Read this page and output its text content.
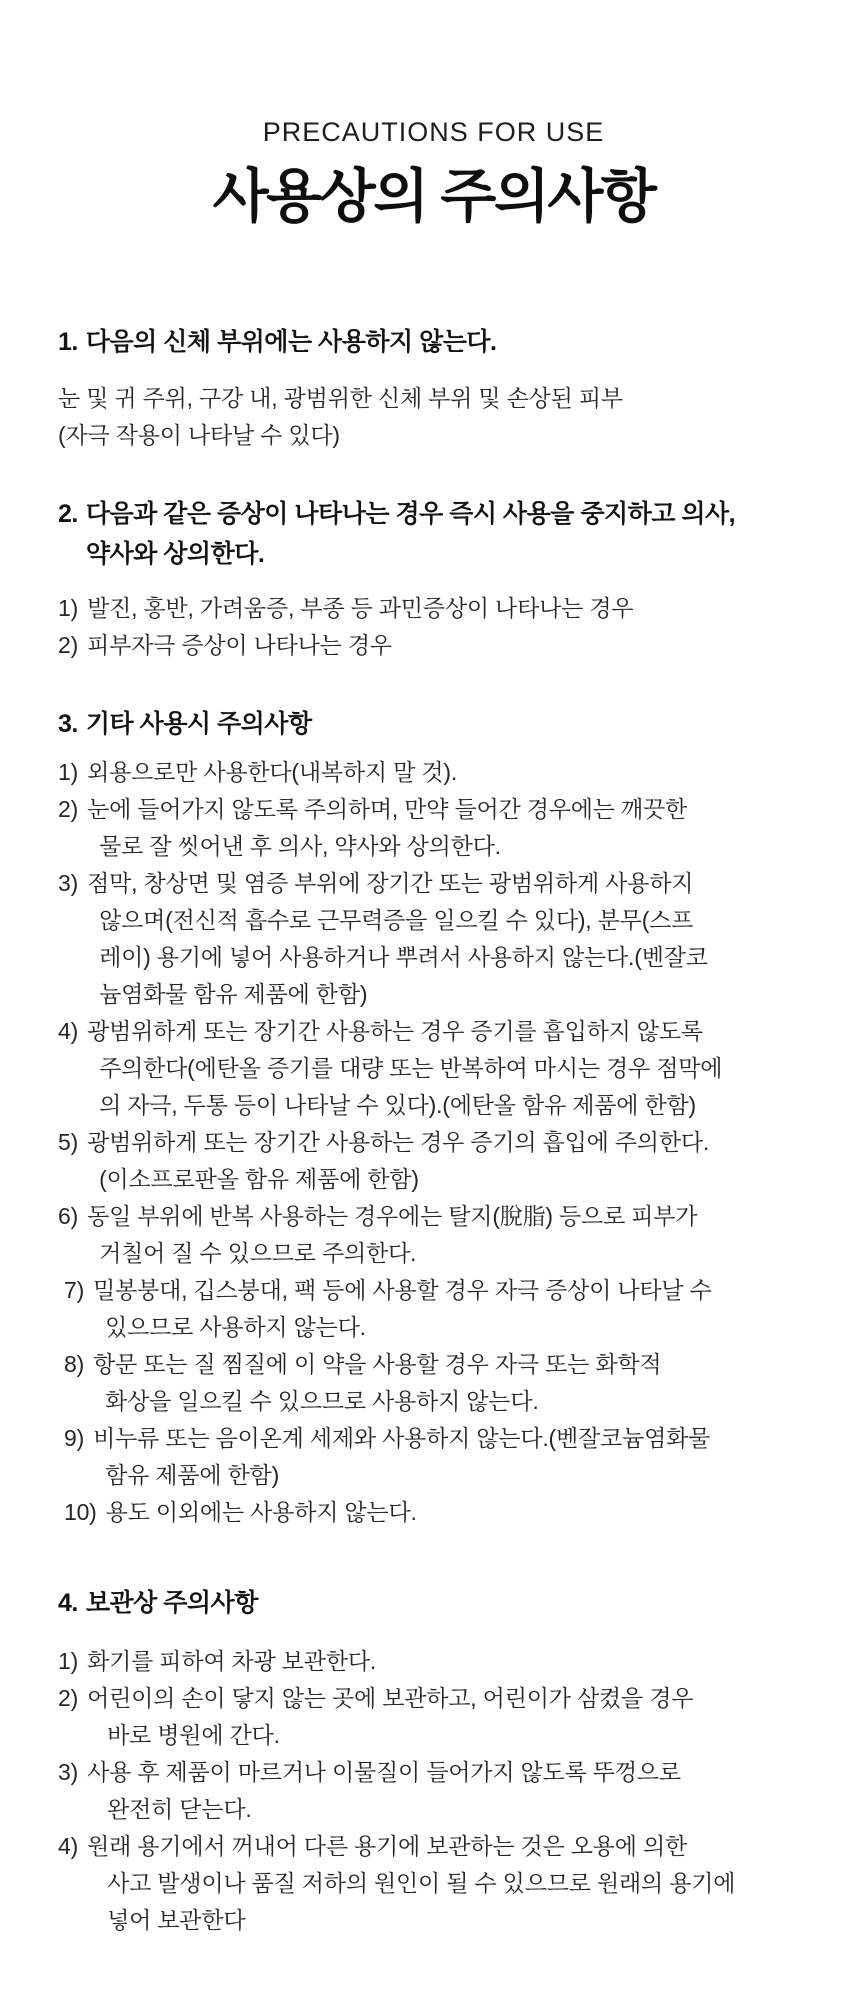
PRECAUTIONS FOR USE
사용상의 주의사항
1. 다음의 신체 부위에는 사용하지 않는다.
눈 및 귀 주위, 구강 내, 광범위한 신체 부위 및 손상된 피부
(자극 작용이 나타날 수 있다)
2. 다음과 같은 증상이 나타나는 경우 즉시 사용을 중지하고 의사,
약사와 상의한다.
1) 발진, 홍반, 가려움증, 부종 등 과민증상이 나타나는 경우
2) 피부자극 증상이 나타나는 경우
3. 기타 사용시 주의사항
1) 외용으로만 사용한다(내복하지 말 것).
2) 눈에 들어가지 않도록 주의하며, 만약 들어간 경우에는 깨끗한
물로 잘 씻어낸 후 의사, 약사와 상의한다.
3) 점막, 창상면 및 염증 부위에 장기간 또는 광범위하게 사용하지
않으며(전신적 흡수로 근무력증을 일으킬 수 있다), 분무(스프
레이) 용기에 넣어 사용하거나 뿌려서 사용하지 않는다.(벤잘코
늄염화물 함유 제품에 한함)
4) 광범위하게 또는 장기간 사용하는 경우 증기를 흡입하지 않도록
주의한다(에탄올 증기를 대량 또는 반복하여 마시는 경우 점막에
의 자극, 두통 등이 나타날 수 있다).(에탄올 함유 제품에 한함)
5) 광범위하게 또는 장기간 사용하는 경우 증기의 흡입에 주의한다.
(이소프로판올 함유 제품에 한함)
6) 동일 부위에 반복 사용하는 경우에는 탈지(脫脂) 등으로 피부가
거칠어 질 수 있으므로 주의한다.
7) 밀봉붕대, 깁스붕대, 팩 등에 사용할 경우 자극 증상이 나타날 수
있으므로 사용하지 않는다.
8) 항문 또는 질 찜질에 이 약을 사용할 경우 자극 또는 화학적
화상을 일으킬 수 있으므로 사용하지 않는다.
9) 비누류 또는 음이온계 세제와 사용하지 않는다.(벤잘코늄염화물
함유 제품에 한함)
10) 용도 이외에는 사용하지 않는다.
4. 보관상 주의사항
1) 화기를 피하여 차광 보관한다.
2) 어린이의 손이 닿지 않는 곳에 보관하고, 어린이가 삼켰을 경우
바로 병원에 간다.
3) 사용 후 제품이 마르거나 이물질이 들어가지 않도록 뚜껑으로
완전히 닫는다.
4) 원래 용기에서 꺼내어 다른 용기에 보관하는 것은 오용에 의한
사고 발생이나 품질 저하의 원인이 될 수 있으므로 원래의 용기에
넣어 보관한다
